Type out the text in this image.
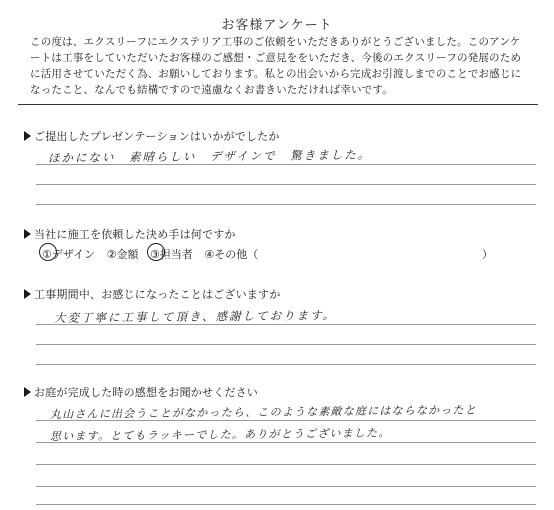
お客様アンケート
この度は、エクスリーフにエクステリア工事のご依頼をいただきありがとうございました。このアンケートは工事をしていただいたお客様のご感想・ご意見ををいただき、今後のエクスリーフの発展のために活用させていただく為、お願いしております。私との出会いから完成お引渡しまでのことでお感じになったこと、なんでも結構ですので遠慮なくお書きいただければ幸いです。
ご提出したプレゼンテーションはいかがでしたか
ほかにない　素晴らしい　デザインで　驚きました。
当社に施工を依頼した決め手は何ですか
①デザイン ②金額 ③担当者 ④その他（	）
工事期間中、お感じになったことはございますか
大変丁寧に工事して頂き、感謝しております。
お庭が完成した時の感想をお聞かせください
丸山さんに出会うことがなかったら、このような素敵な庭にはならなかったと
思います。とてもラッキーでした。ありがとうございました。
